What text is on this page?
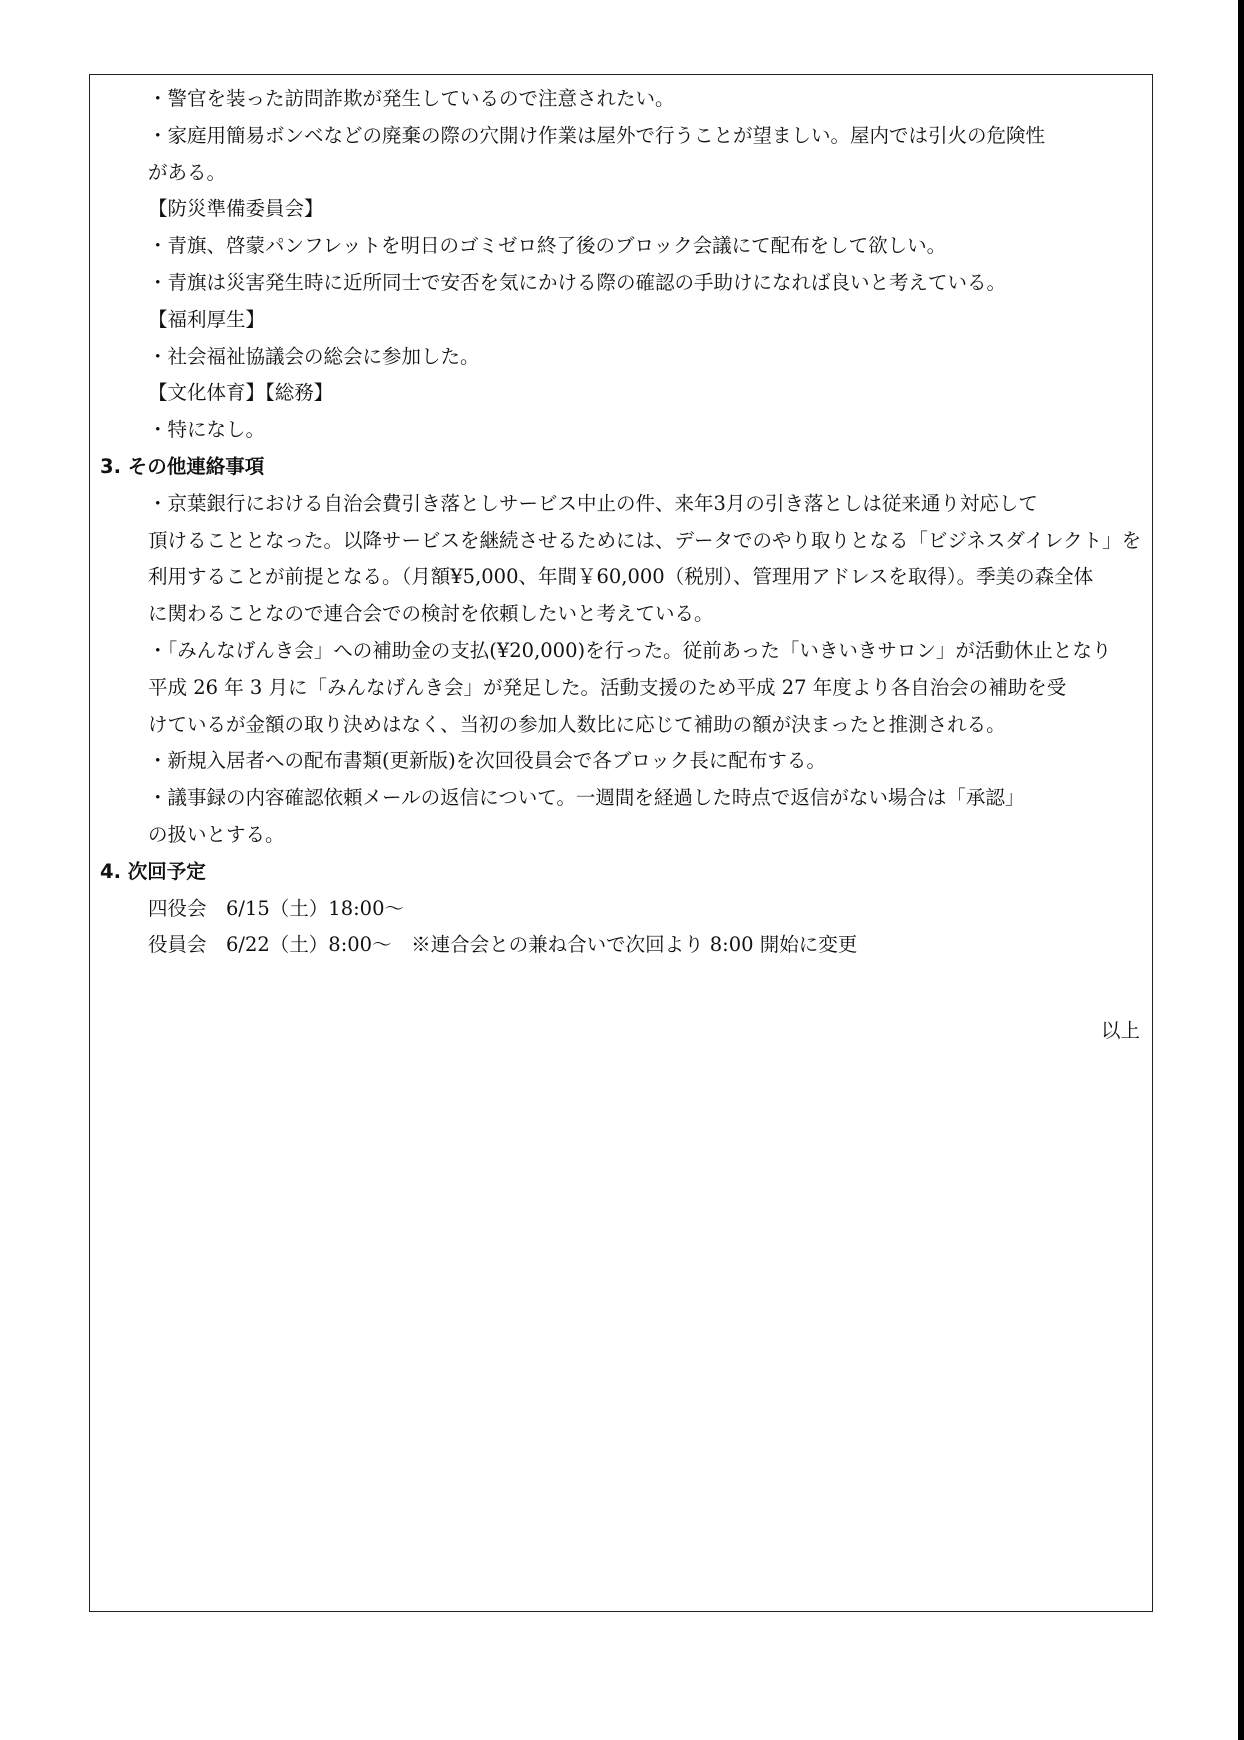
・警官を装った訪問詐欺が発生しているので注意されたい。
・家庭用簡易ボンベなどの廃棄の際の穴開け作業は屋外で行うことが望ましい。屋内では引火の危険性
がある。
【防災準備委員会】
・青旗、啓蒙パンフレットを明日のゴミゼロ終了後のブロック会議にて配布をして欲しい。
・青旗は災害発生時に近所同士で安否を気にかける際の確認の手助けになれば良いと考えている。
【福利厚生】
・社会福祉協議会の総会に参加した。
【文化体育】【総務】
・特になし。
3. その他連絡事項
・京葉銀行における自治会費引き落としサービス中止の件、来年3月の引き落としは従来通り対応して
頂けることとなった。以降サービスを継続させるためには、データでのやり取りとなる「ビジネスダイレクト」を
利用することが前提となる。（月額¥5,000、年間￥60,000（税別）、管理用アドレスを取得）。季美の森全体
に関わることなので連合会での検討を依頼したいと考えている。
・「みんなげんき会」への補助金の支払(¥20,000)を行った。従前あった「いきいきサロン」が活動休止となり
平成 26 年 3 月に「みんなげんき会」が発足した。活動支援のため平成 27 年度より各自治会の補助を受
けているが金額の取り決めはなく、当初の参加人数比に応じて補助の額が決まったと推測される。
・新規入居者への配布書類(更新版)を次回役員会で各ブロック長に配布する。
・議事録の内容確認依頼メールの返信について。一週間を経過した時点で返信がない場合は「承認」
の扱いとする。
4. 次回予定
四役会　6/15（土）18:00～
役員会　6/22（土）8:00～　※連合会との兼ね合いで次回より 8:00 開始に変更
以上
